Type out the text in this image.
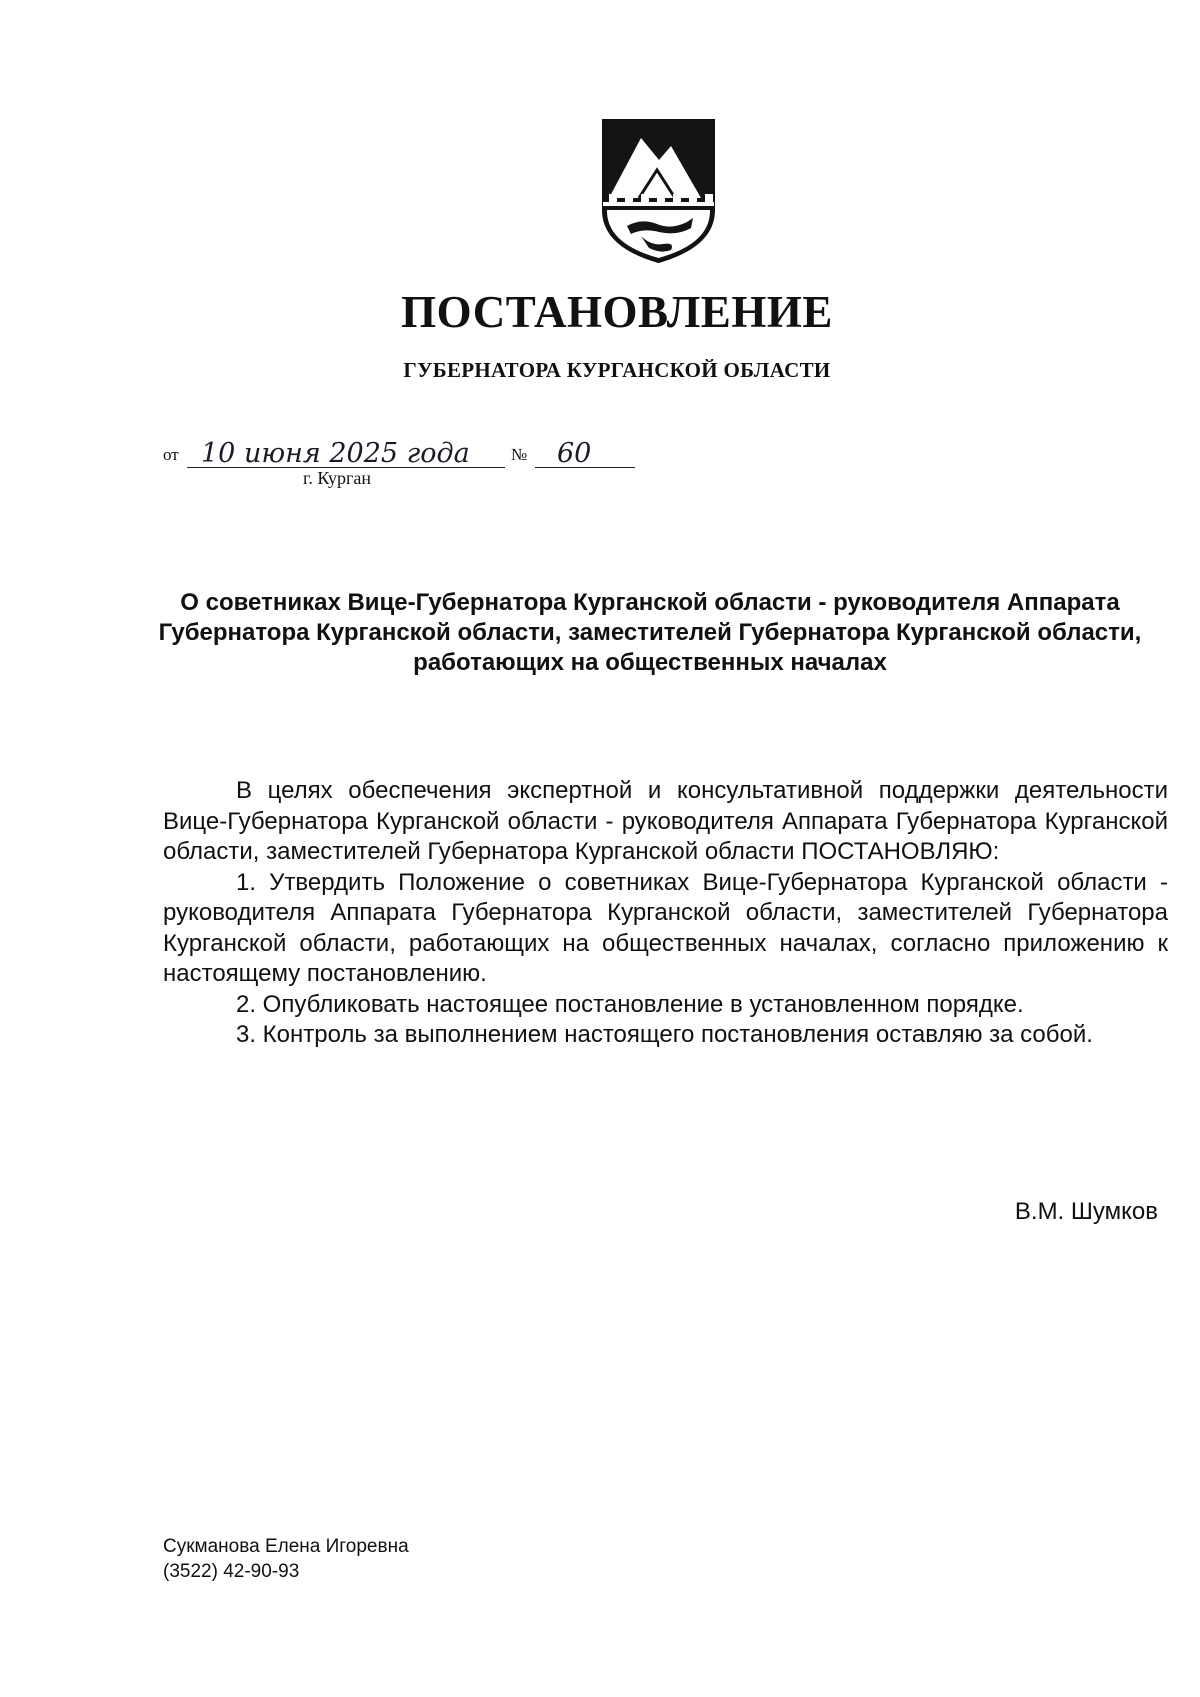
ПОСТАНОВЛЕНИЕ
ГУБЕРНАТОРА КУРГАНСКОЙ ОБЛАСТИ
от 10 июня 2025 года	№	60
г. Курган
О советниках Вице-Губернатора Курганской области - руководителя Аппарата Губернатора Курганской области, заместителей Губернатора Курганской области, работающих на общественных началах

В целях обеспечения экспертной и консультативной поддержки деятельности Вице-Губернатора Курганской области - руководителя Аппарата Губернатора Курганской области, заместителей Губернатора Курганской области ПОСТАНОВЛЯЮ:

1. Утвердить Положение о советниках Вице-Губернатора Курганской области - руководителя Аппарата Губернатора Курганской области, заместителей Губернатора Курганской области, работающих на общественных началах, согласно приложению к настоящему постановлению.

2. Опубликовать настоящее постановление в установленном порядке.

3. Контроль за выполнением настоящего постановления оставляю за собой.

В.М. Шумков
Сукманова Елена Игоревна
(3522) 42-90-93
